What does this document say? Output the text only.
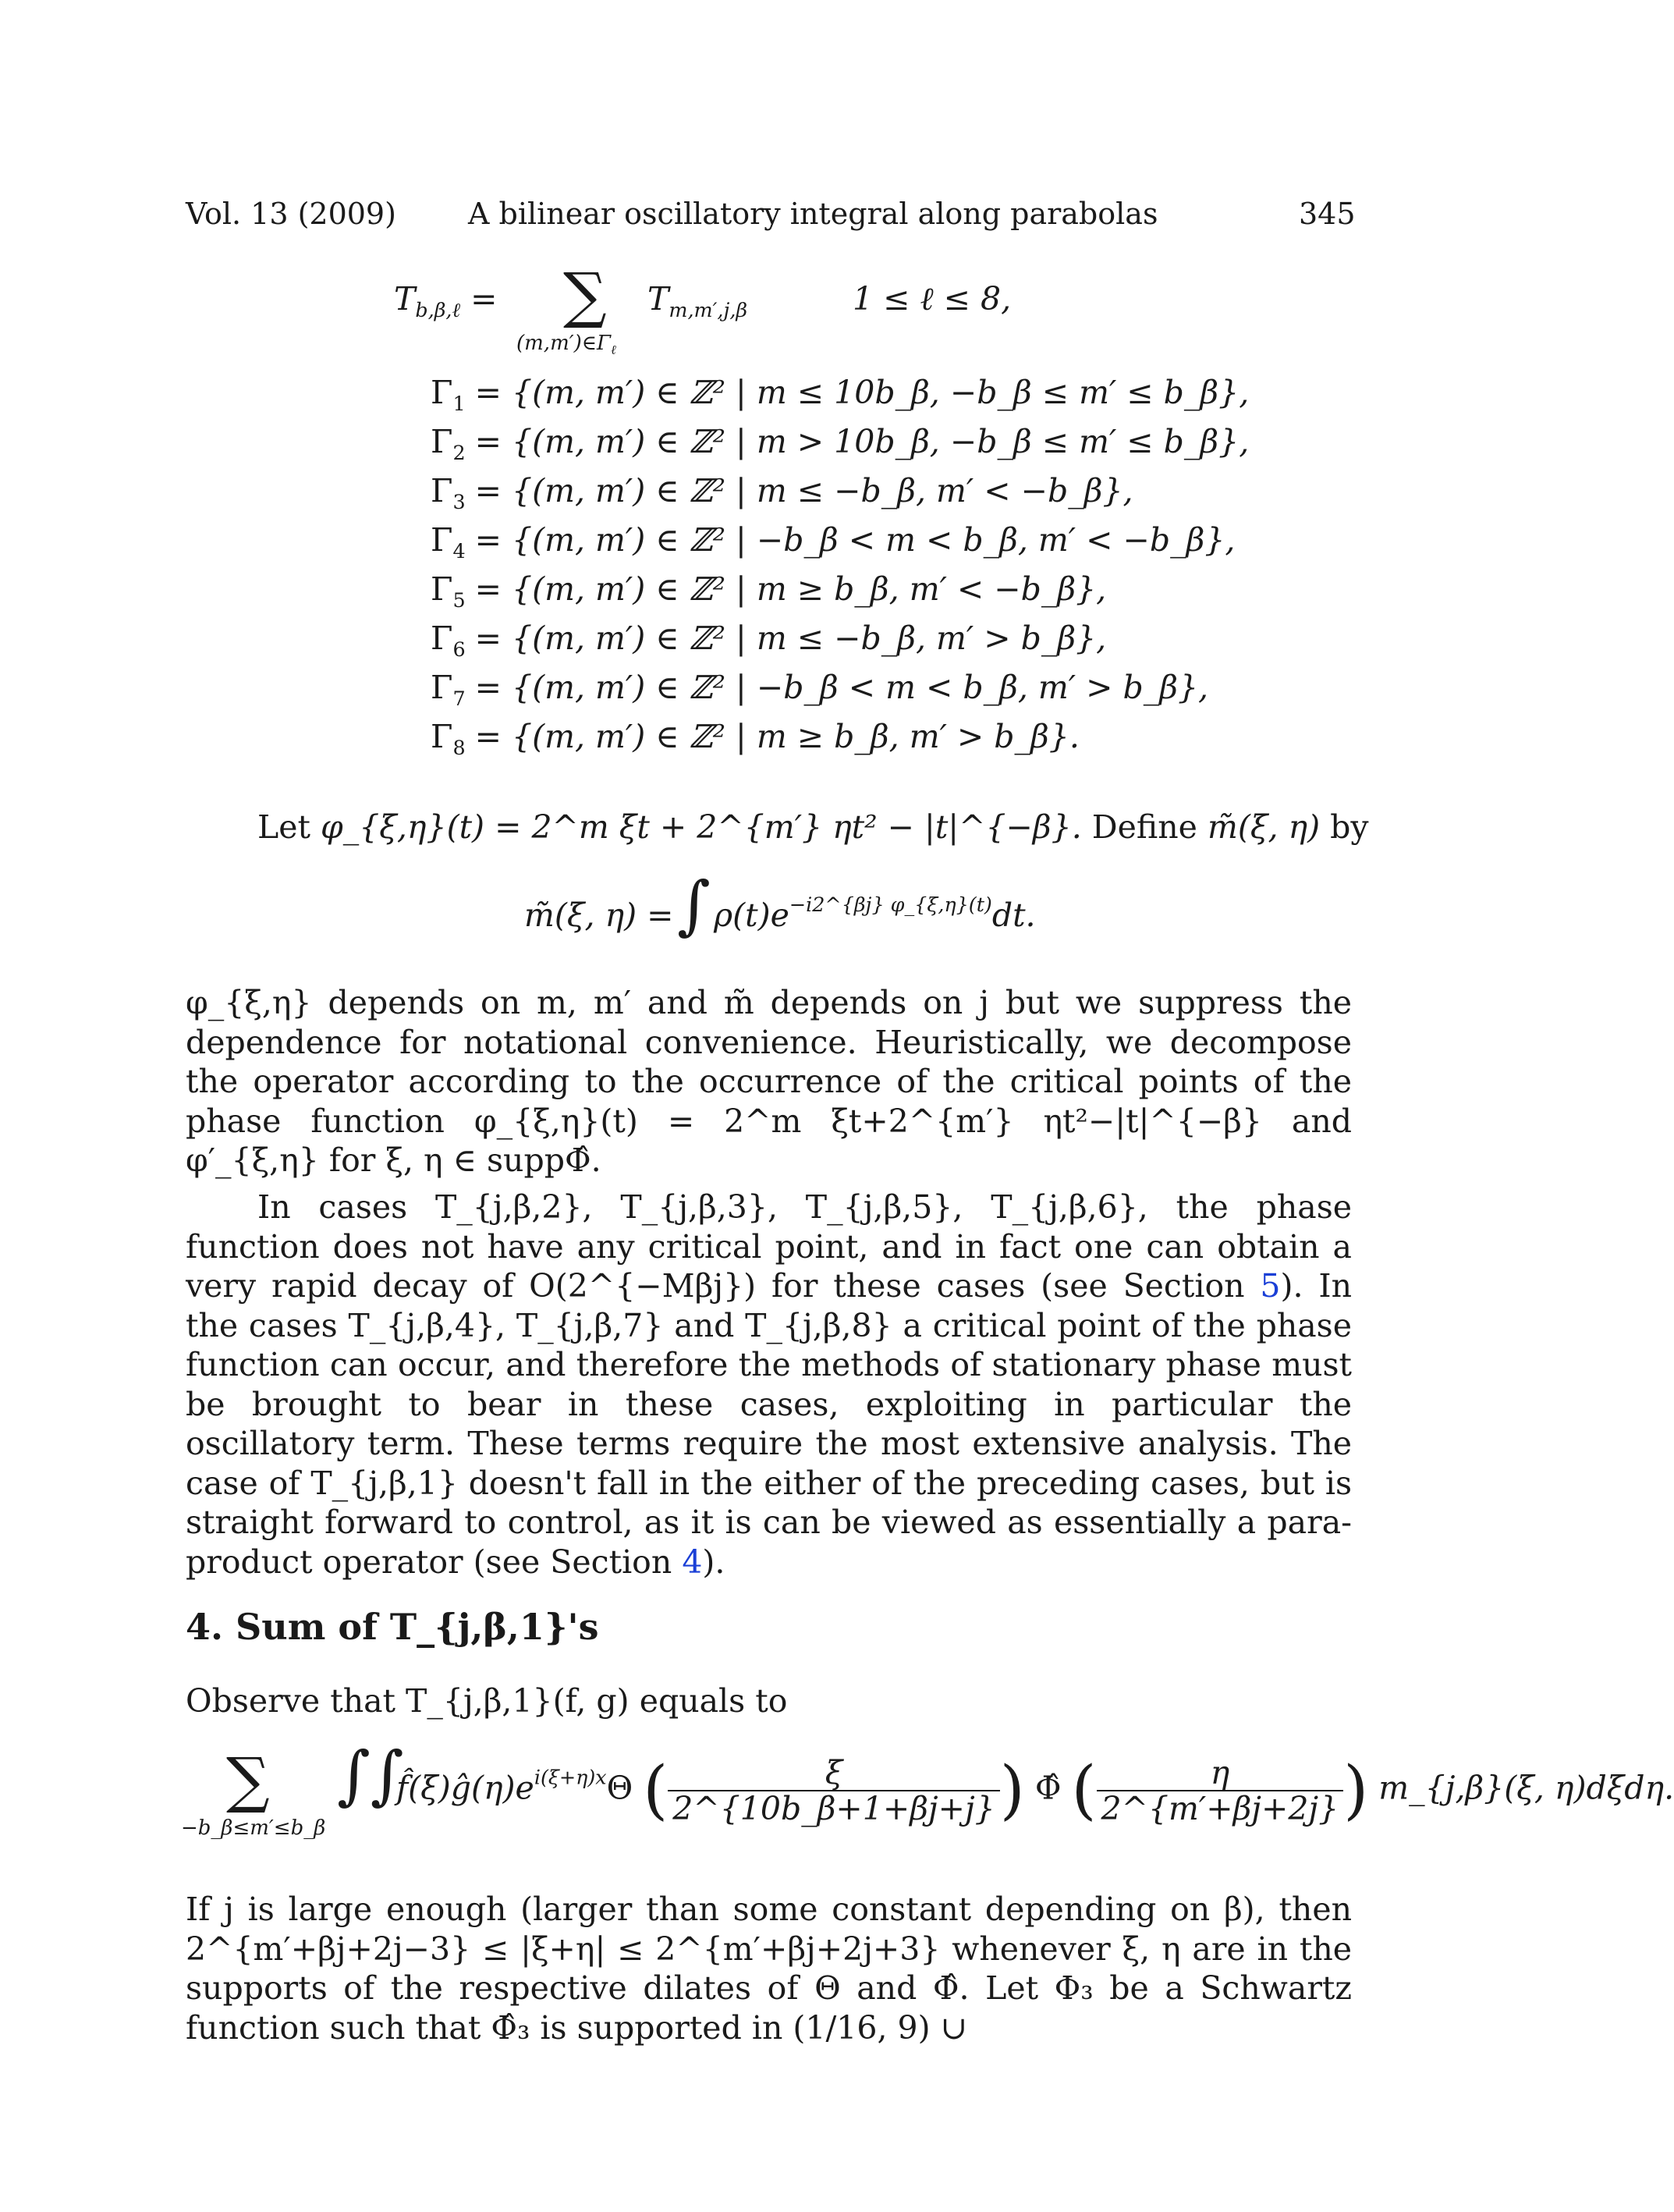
Vol. 13 (2009) A bilinear oscillatory integral along parabolas	345
$T_{b,\beta,\ell}$ = ∑
$(m,m')\in\Gamma_\ell$
$T_{m,m',j,\beta}$	1 ≤ ℓ ≤ 8,
$\Gamma_1 = \{(m$, m′) ∈ ℤ² | m ≤ 10b_β, −b_β ≤ m′ ≤ b_β},
$\Gamma_2 = \{(m$, m′) ∈ ℤ² | m > 10b_β, −b_β ≤ m′ ≤ b_β},
$\Gamma_3 = \{(m$, m′) ∈ ℤ² | m ≤ −b_β, m′ < −b_β},
$\Gamma_4 = \{(m$, m′) ∈ ℤ² | −b_β < m < b_β, m′ < −b_β},
$\Gamma_5 = \{(m$, m′) ∈ ℤ² | m ≥ b_β, m′ < −b_β},
$\Gamma_6 = \{(m$, m′) ∈ ℤ² | m ≤ −b_β, m′ > b_β},
$\Gamma_7 = \{(m$, m′) ∈ ℤ² | −b_β < m < b_β, m′ > b_β},
$\Gamma_8 = \{(m$, m′) ∈ ℤ² | m ≥ b_β, m′ > b_β}.
Let φ_{ξ,η}(t) = 2^m ξt + 2^{m′} ηt² − |t|^{−β}. Define m̃(ξ, η) by
m̃(ξ, η) = ∫ $\rho(t)e^{-i2\^{}\{\beta j\} \varphi\_\{\xi,\eta\}(t)}dt$.
φ_{ξ,η} depends on m, m′ and m̃ depends on j but we suppress the dependence for notational convenience. Heuristically, we decompose the operator according to the occurrence of the critical points of the phase function φ_{ξ,η}(t) = 2^m ξt+2^{m′} ηt²−|t|^{−β} and φ′_{ξ,η} for ξ, η ∈ suppΦ̂.
In cases T_{j,β,2}, T_{j,β,3}, T_{j,β,5}, T_{j,β,6}, the phase function does not have any critical point, and in fact one can obtain a very rapid decay of O(2^{−Mβj}) for these cases (see Section 5). In the cases T_{j,β,4}, T_{j,β,7} and T_{j,β,8} a critical point of the phase function can occur, and therefore the methods of stationary phase must be brought to bear in these cases, exploiting in particular the oscillatory term. These terms require the most extensive analysis. The case of T_{j,β,1} doesn't fall in the either of the preceding cases, but is straight forward to control, as it is can be viewed as essentially a para-product operator (see Section 4).
4. Sum of T_{j,β,1}'s
Observe that T_{j,β,1}(f, g) equals to
∑
−b_β≤m′≤b_β
∫∫
$f̂(\xi)ĝ(\eta)e^{i(\xi+\eta)x}\Theta$ ( $\frac{\xi}{2\^{}\{10b\_\beta+1+\beta j+j\}}$ ) Φ̂ ( $\frac{\eta}{2\^{}\{m'+\beta j+2j\}}$ ) m_{j,β}(ξ, η)dξdη.
If j is large enough (larger than some constant depending on β), then 2^{m′+βj+2j−3} ≤ |ξ+η| ≤ 2^{m′+βj+2j+3} whenever ξ, η are in the supports of the respective dilates of Θ and Φ̂. Let Φ₃ be a Schwartz function such that Φ̂₃ is supported in (1/16, 9) ∪
